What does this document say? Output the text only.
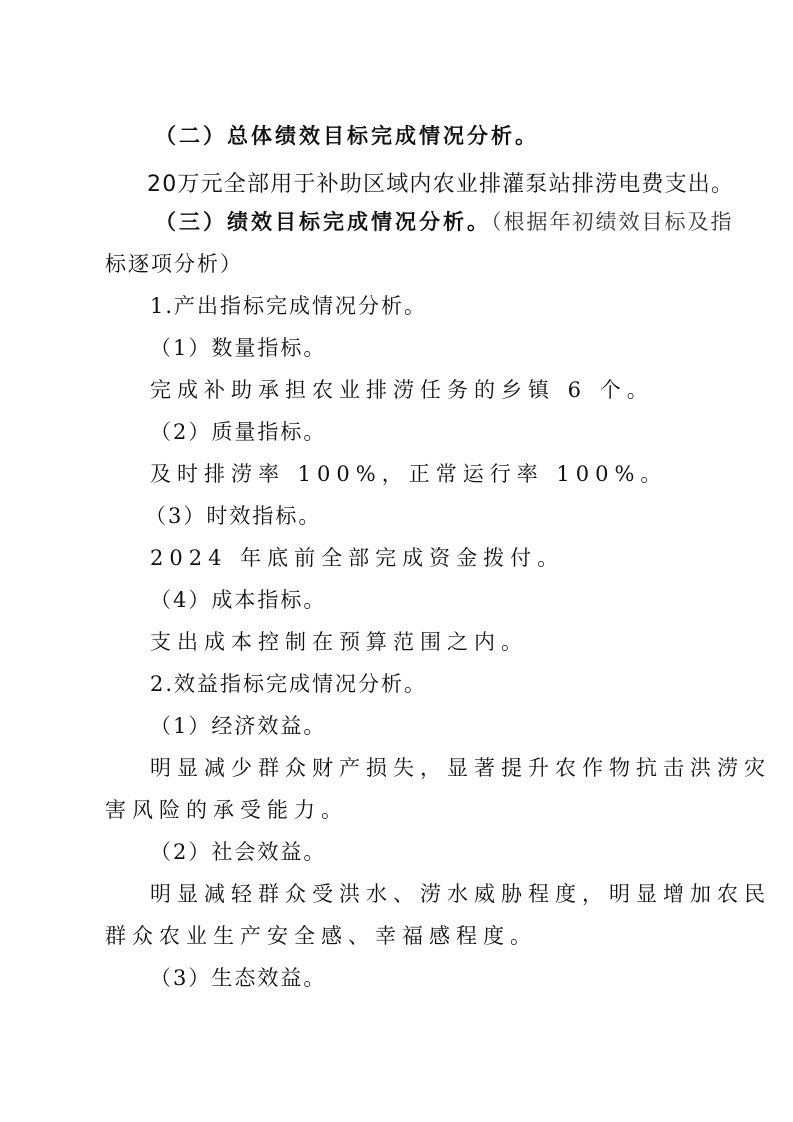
（二）总体绩效目标完成情况分析。
20万元全部用于补助区域内农业排灌泵站排涝电费支出。
（三）绩效目标完成情况分析。（根据年初绩效目标及指
标逐项分析）
1.产出指标完成情况分析。
（1）数量指标。
完成补助承担农业排涝任务的乡镇 6 个。
（2）质量指标。
及时排涝率 100%，正常运行率 100%。
（3）时效指标。
2024 年底前全部完成资金拨付。
（4）成本指标。
支出成本控制在预算范围之内。
2.效益指标完成情况分析。
（1）经济效益。
明显减少群众财产损失，显著提升农作物抗击洪涝灾
害风险的承受能力。
（2）社会效益。
明显减轻群众受洪水、涝水威胁程度，明显增加农民
群众农业生产安全感、幸福感程度。
（3）生态效益。
